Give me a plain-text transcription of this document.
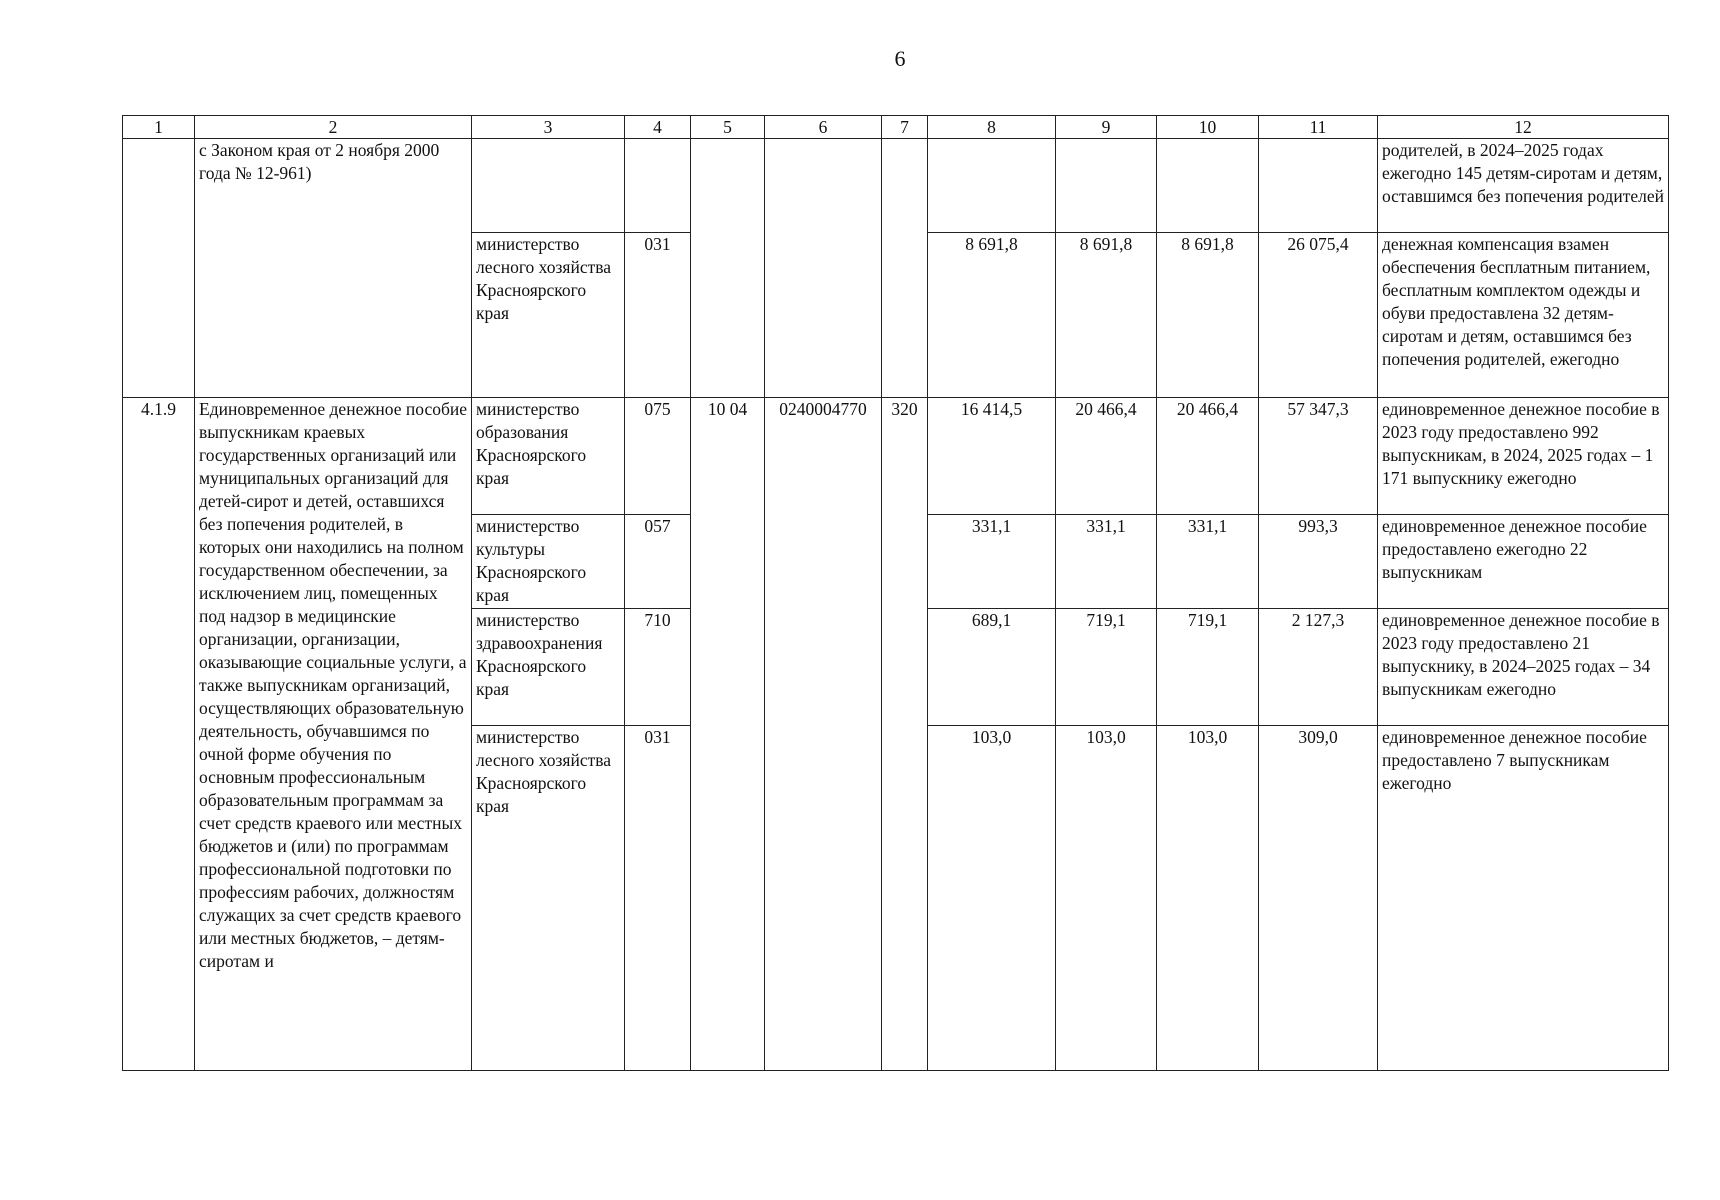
6
1	2	3	4	5	6	7	8	9	10	11	12
	с Законом края от 2 ноября 2000 года № 12-961)										родителей, в 2024–2025 годах ежегодно 145 детям-сиротам и детям, оставшимся без попечения родителей
		министерство лесного хозяйства Красноярского края	031				8 691,8	8 691,8	8 691,8	26 075,4	денежная компенсация взамен обеспечения бесплатным питанием, бесплатным комплектом одежды и обуви предоставлена 32 детям-сиротам и детям, оставшимся без попечения родителей, ежегодно
4.1.9	Единовременное денежное пособие выпускникам краевых государственных организаций или муниципальных организаций для детей-сирот и детей, оставшихся без попечения родителей, в которых они находились на полном государственном обеспечении, за исключением лиц, помещенных под надзор в медицинские организации, организации, оказывающие социальные услуги, а также выпускникам организаций, осуществляющих образовательную деятельность, обучавшимся по очной форме обучения по основным профессиональным образовательным программам за счет средств краевого или местных бюджетов и (или) по программам профессиональной подготовки по профессиям рабочих, должностям служащих за счет средств краевого или местных бюджетов, – детям-сиротам и	министерство образования Красноярского края	075	10 04	0240004770	320	16 414,5	20 466,4	20 466,4	57 347,3	единовременное денежное пособие в 2023 году предоставлено 992 выпускникам, в 2024, 2025 годах – 1 171 выпускнику ежегодно
		министерство культуры Красноярского края	057				331,1	331,1	331,1	993,3	единовременное денежное пособие предоставлено ежегодно 22 выпускникам
		министерство здравоохранения Красноярского края	710				689,1	719,1	719,1	2 127,3	единовременное денежное пособие в 2023 году предоставлено 21 выпускнику, в 2024–2025 годах – 34 выпускникам ежегодно
		министерство лесного хозяйства Красноярского края	031				103,0	103,0	103,0	309,0	единовременное денежное пособие предоставлено 7 выпускникам ежегодно
